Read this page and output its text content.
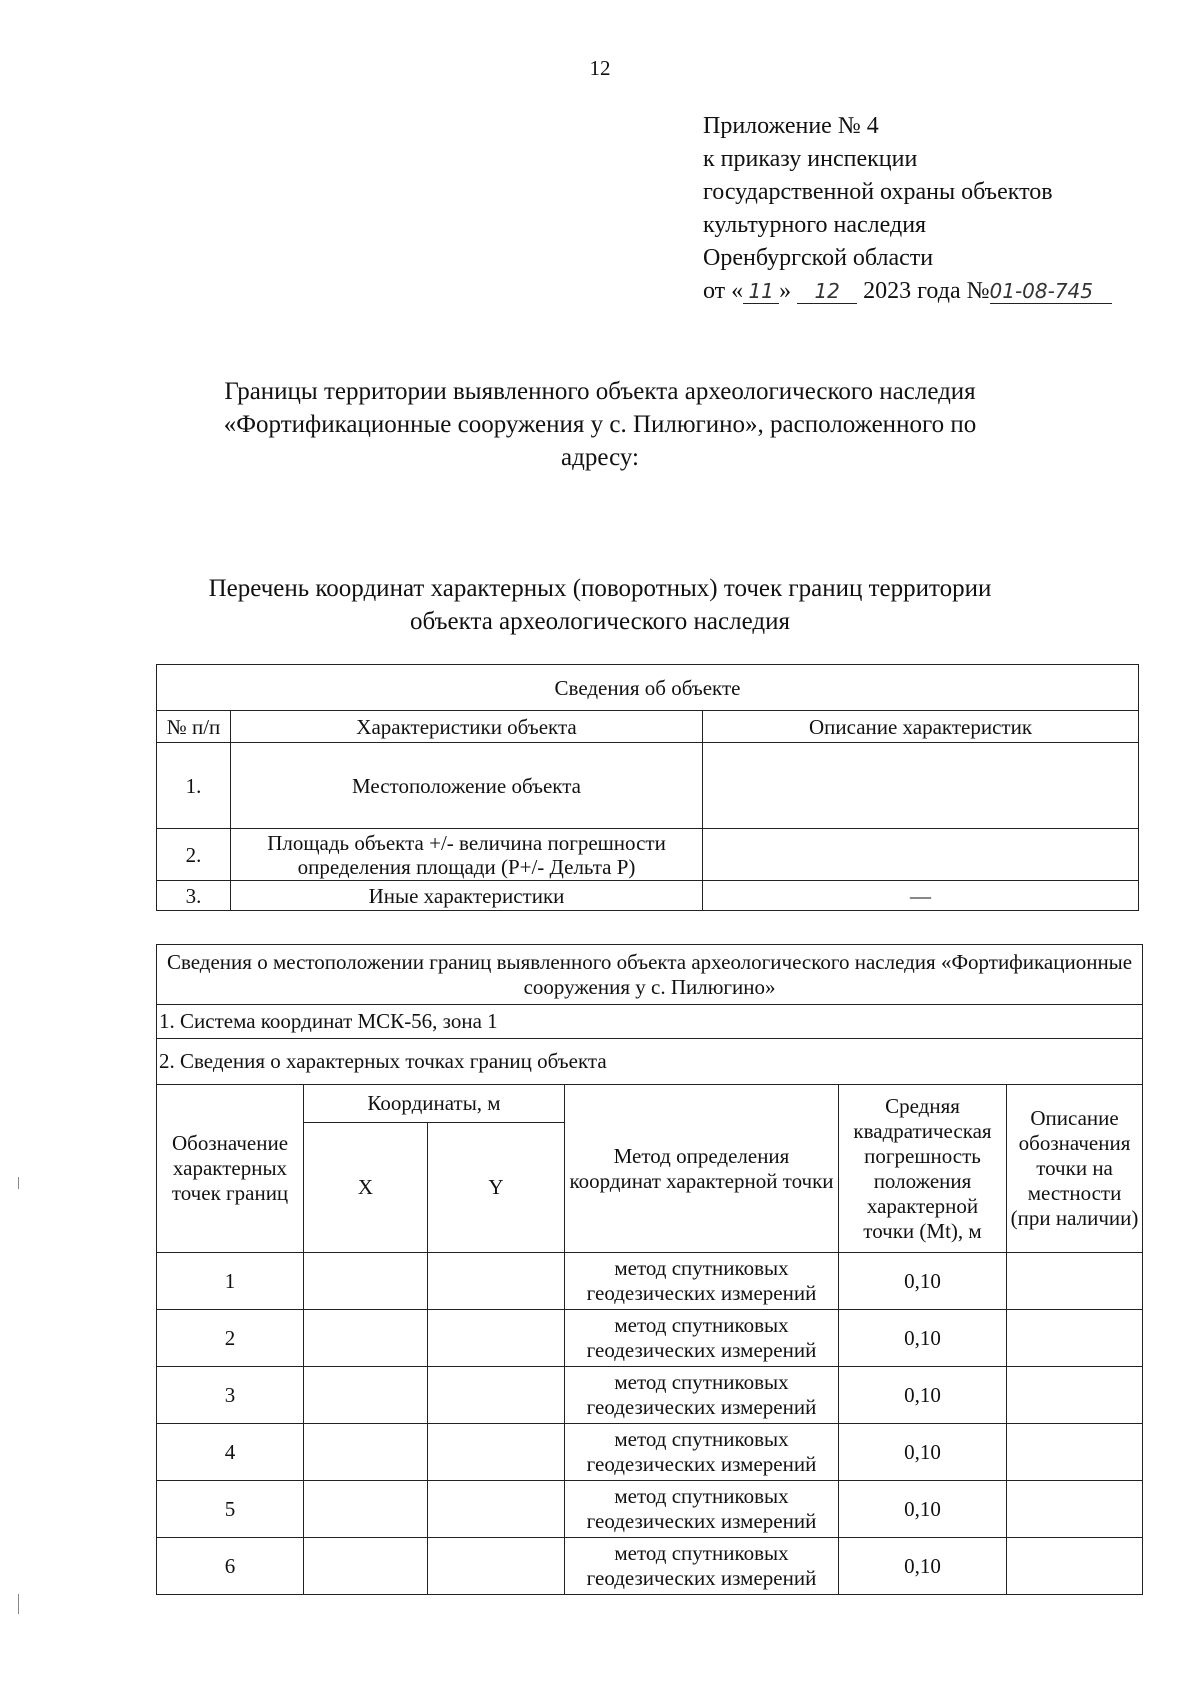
12
Приложение № 4
к приказу инспекции
государственной охраны объектов
культурного наследия
Оренбургской области
от « 11 » 12 2023 года №01-08-745
Границы территории выявленного объекта археологического наследия
«Фортификационные сооружения у с. Пилюгино», расположенного по
адресу:
Перечень координат характерных (поворотных) точек границ территории
объекта археологического наследия
Сведения об объекте		
№ п/п	Характеристики объекта	Описание характеристик
1.	Местоположение объекта	
2.	Площадь объекта +/- величина погрешности определения площади (Р+/- Дельта Р)	
3.	Иные характеристики	—
Сведения о местоположении границ выявленного объекта археологического наследия «Фортификационные сооружения у с. Пилюгино»					
1. Система координат МСК-56, зона 1					
2. Сведения о характерных точках границ объекта					
Обозначение характерных точек границ	Координаты, м		Метод определения координат характерной точки	Средняя квадратическая погрешность положения характерной точки (Mt), м	Описание обозначения точки на местности (при наличии)
	X	Y			
1			метод спутниковых геодезических измерений	0,10	
2			метод спутниковых геодезических измерений	0,10	
3			метод спутниковых геодезических измерений	0,10	
4			метод спутниковых геодезических измерений	0,10	
5			метод спутниковых геодезических измерений	0,10	
6			метод спутниковых геодезических измерений	0,10	
